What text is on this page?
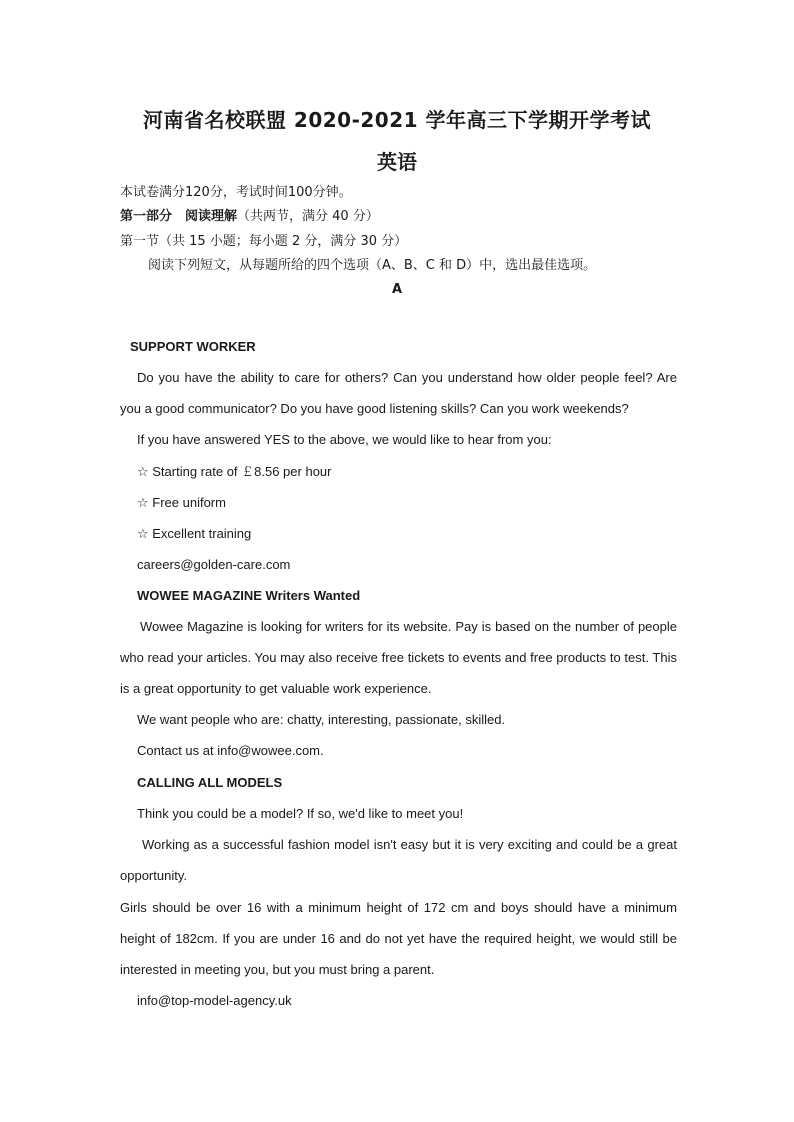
河南省名校联盟 2020-2021 学年高三下学期开学考试
英语
本试卷满分120分，考试时间100分钟。
第一部分　阅读理解（共两节，满分 40 分）
第一节（共 15 小题；每小题 2 分，满分 30 分）
阅读下列短文，从每题所给的四个选项（A、B、C 和 D）中，选出最佳选项。
A
SUPPORT WORKER
Do you have the ability to care for others? Can you understand how older people feel? Are you a good communicator? Do you have good listening skills? Can you work weekends?
If you have answered YES to the above, we would like to hear from you:
☆ Starting rate of ￡8.56 per hour
☆ Free uniform
☆ Excellent training
careers@golden-care.com
WOWEE MAGAZINE Writers Wanted
Wowee Magazine is looking for writers for its website. Pay is based on the number of people who read your articles. You may also receive free tickets to events and free products to test. This is a great opportunity to get valuable work experience.
We want people who are: chatty, interesting, passionate, skilled.
Contact us at info@wowee.com.
CALLING ALL MODELS
Think you could be a model? If so, we'd like to meet you!
Working as a successful fashion model isn't easy but it is very exciting and could be a great opportunity.
Girls should be over 16 with a minimum height of 172 cm and boys should have a minimum height of 182cm. If you are under 16 and do not yet have the required height, we would still be interested in meeting you, but you must bring a parent.
info@top-model-agency.uk
